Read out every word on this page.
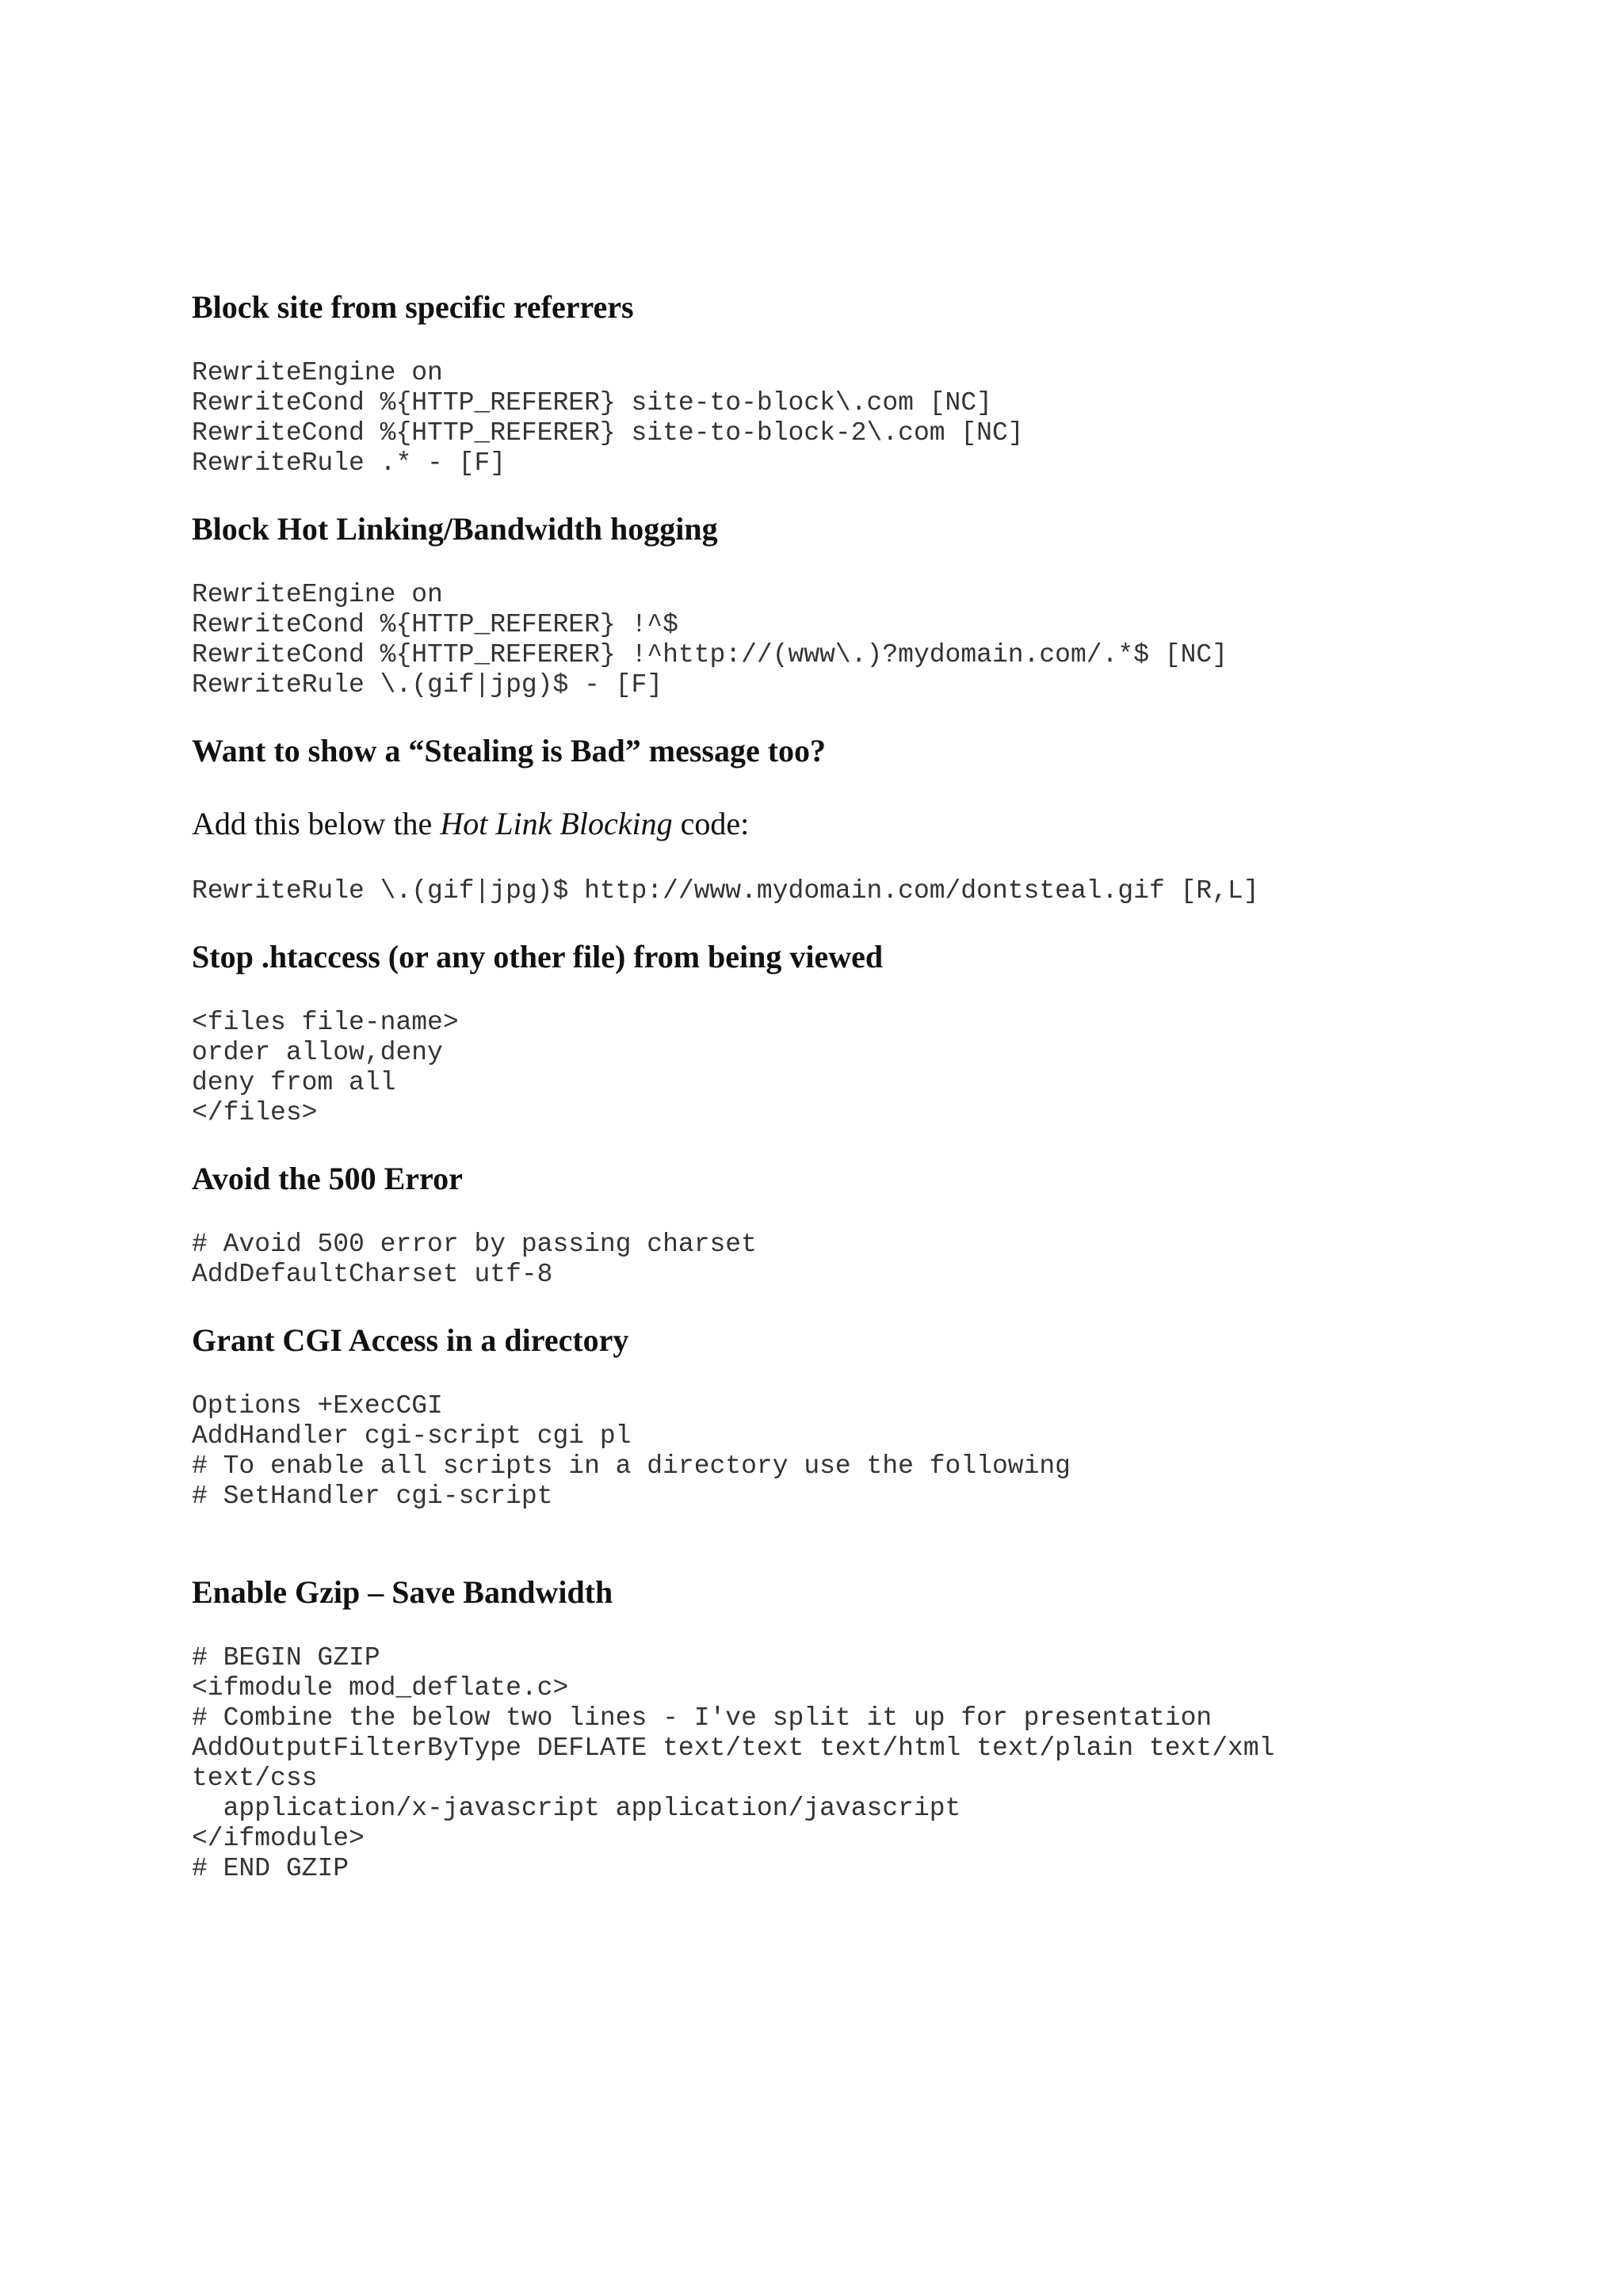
Block site from specific referrers
RewriteEngine on
RewriteCond %{HTTP_REFERER} site-to-block\.com [NC]
RewriteCond %{HTTP_REFERER} site-to-block-2\.com [NC]
RewriteRule .* - [F]
Block Hot Linking/Bandwidth hogging
RewriteEngine on
RewriteCond %{HTTP_REFERER} !^$
RewriteCond %{HTTP_REFERER} !^http://(www\.)?mydomain.com/.*$ [NC]
RewriteRule \.(gif|jpg)$ - [F]
Want to show a “Stealing is Bad” message too?

Add this below the Hot Link Blocking code:

RewriteRule \.(gif|jpg)$ http://www.mydomain.com/dontsteal.gif [R,L]
Stop .htaccess (or any other file) from being viewed
<files file-name>
order allow,deny
deny from all
</files>
Avoid the 500 Error
# Avoid 500 error by passing charset
AddDefaultCharset utf-8
Grant CGI Access in a directory
Options +ExecCGI
AddHandler cgi-script cgi pl
# To enable all scripts in a directory use the following
# SetHandler cgi-script
Enable Gzip – Save Bandwidth
# BEGIN GZIP
<ifmodule mod_deflate.c>
# Combine the below two lines - I've split it up for presentation
AddOutputFilterByType DEFLATE text/text text/html text/plain text/xml
text/css
application/x-javascript application/javascript
</ifmodule>
# END GZIP
